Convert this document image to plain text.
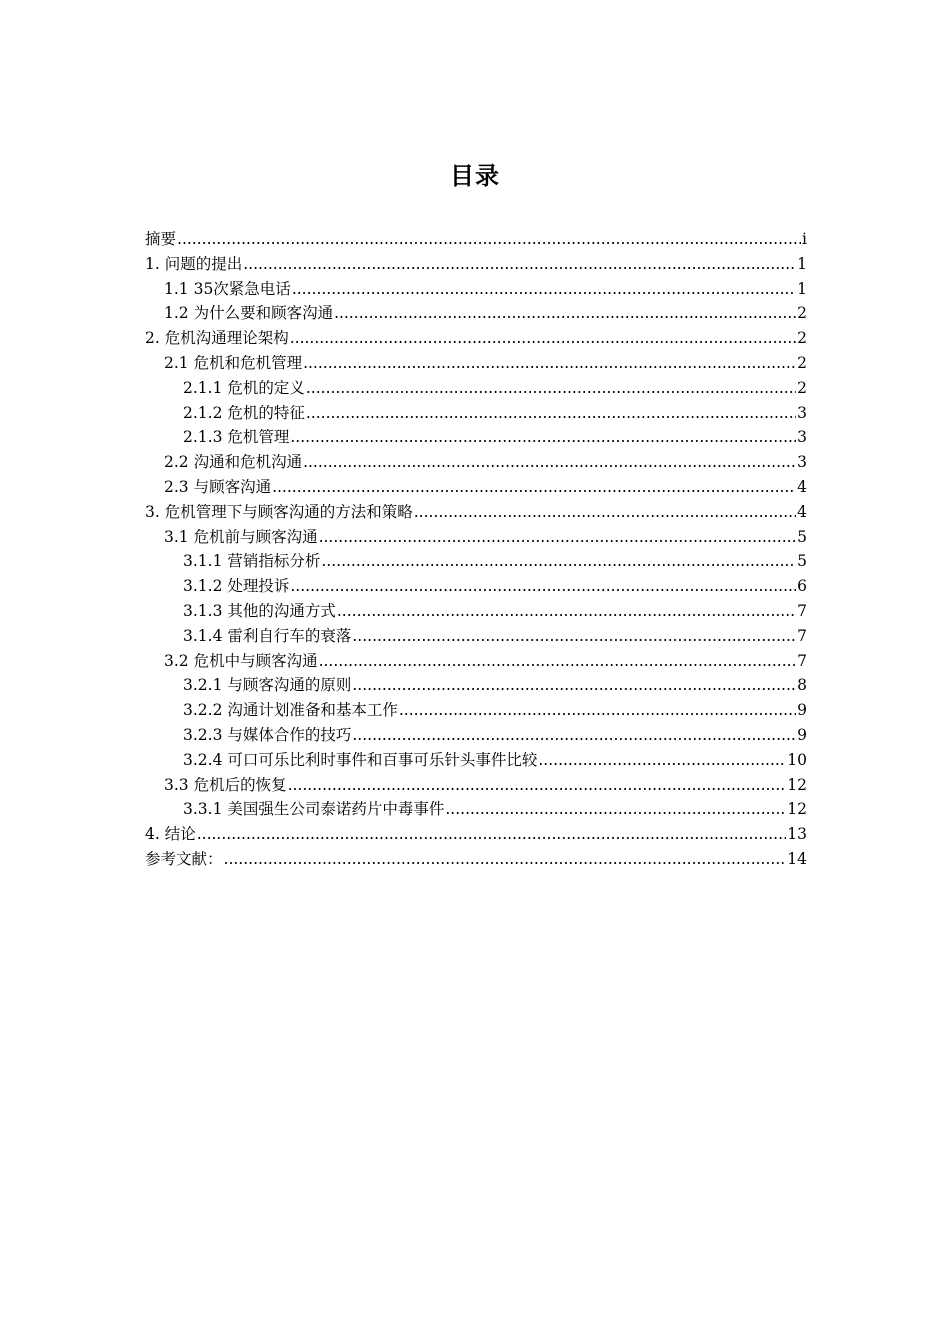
目录
摘要 .....	i
1. 问题的提出 .....	1
1.1 35次紧急电话 .....	1
1.2 为什么要和顾客沟通 .....	2
2. 危机沟通理论架构 .....	2
2.1 危机和危机管理 .....	2
2.1.1 危机的定义 .....	2
2.1.2 危机的特征 .....	3
2.1.3 危机管理 .....	3
2.2 沟通和危机沟通 .....	3
2.3 与顾客沟通 .....	4
3. 危机管理下与顾客沟通的方法和策略 .....	4
3.1 危机前与顾客沟通 .....	5
3.1.1 营销指标分析 .....	5
3.1.2 处理投诉 .....	6
3.1.3 其他的沟通方式 .....	7
3.1.4 雷利自行车的衰落 .....	7
3.2 危机中与顾客沟通 .....	7
3.2.1 与顾客沟通的原则 .....	8
3.2.2 沟通计划准备和基本工作 .....	9
3.2.3 与媒体合作的技巧 .....	9
3.2.4 可口可乐比利时事件和百事可乐针头事件比较 .....	10
3.3 危机后的恢复 .....	12
3.3.1 美国强生公司泰诺药片中毒事件 .....	12
4. 结论 .....	13
参考文献： .....	14
